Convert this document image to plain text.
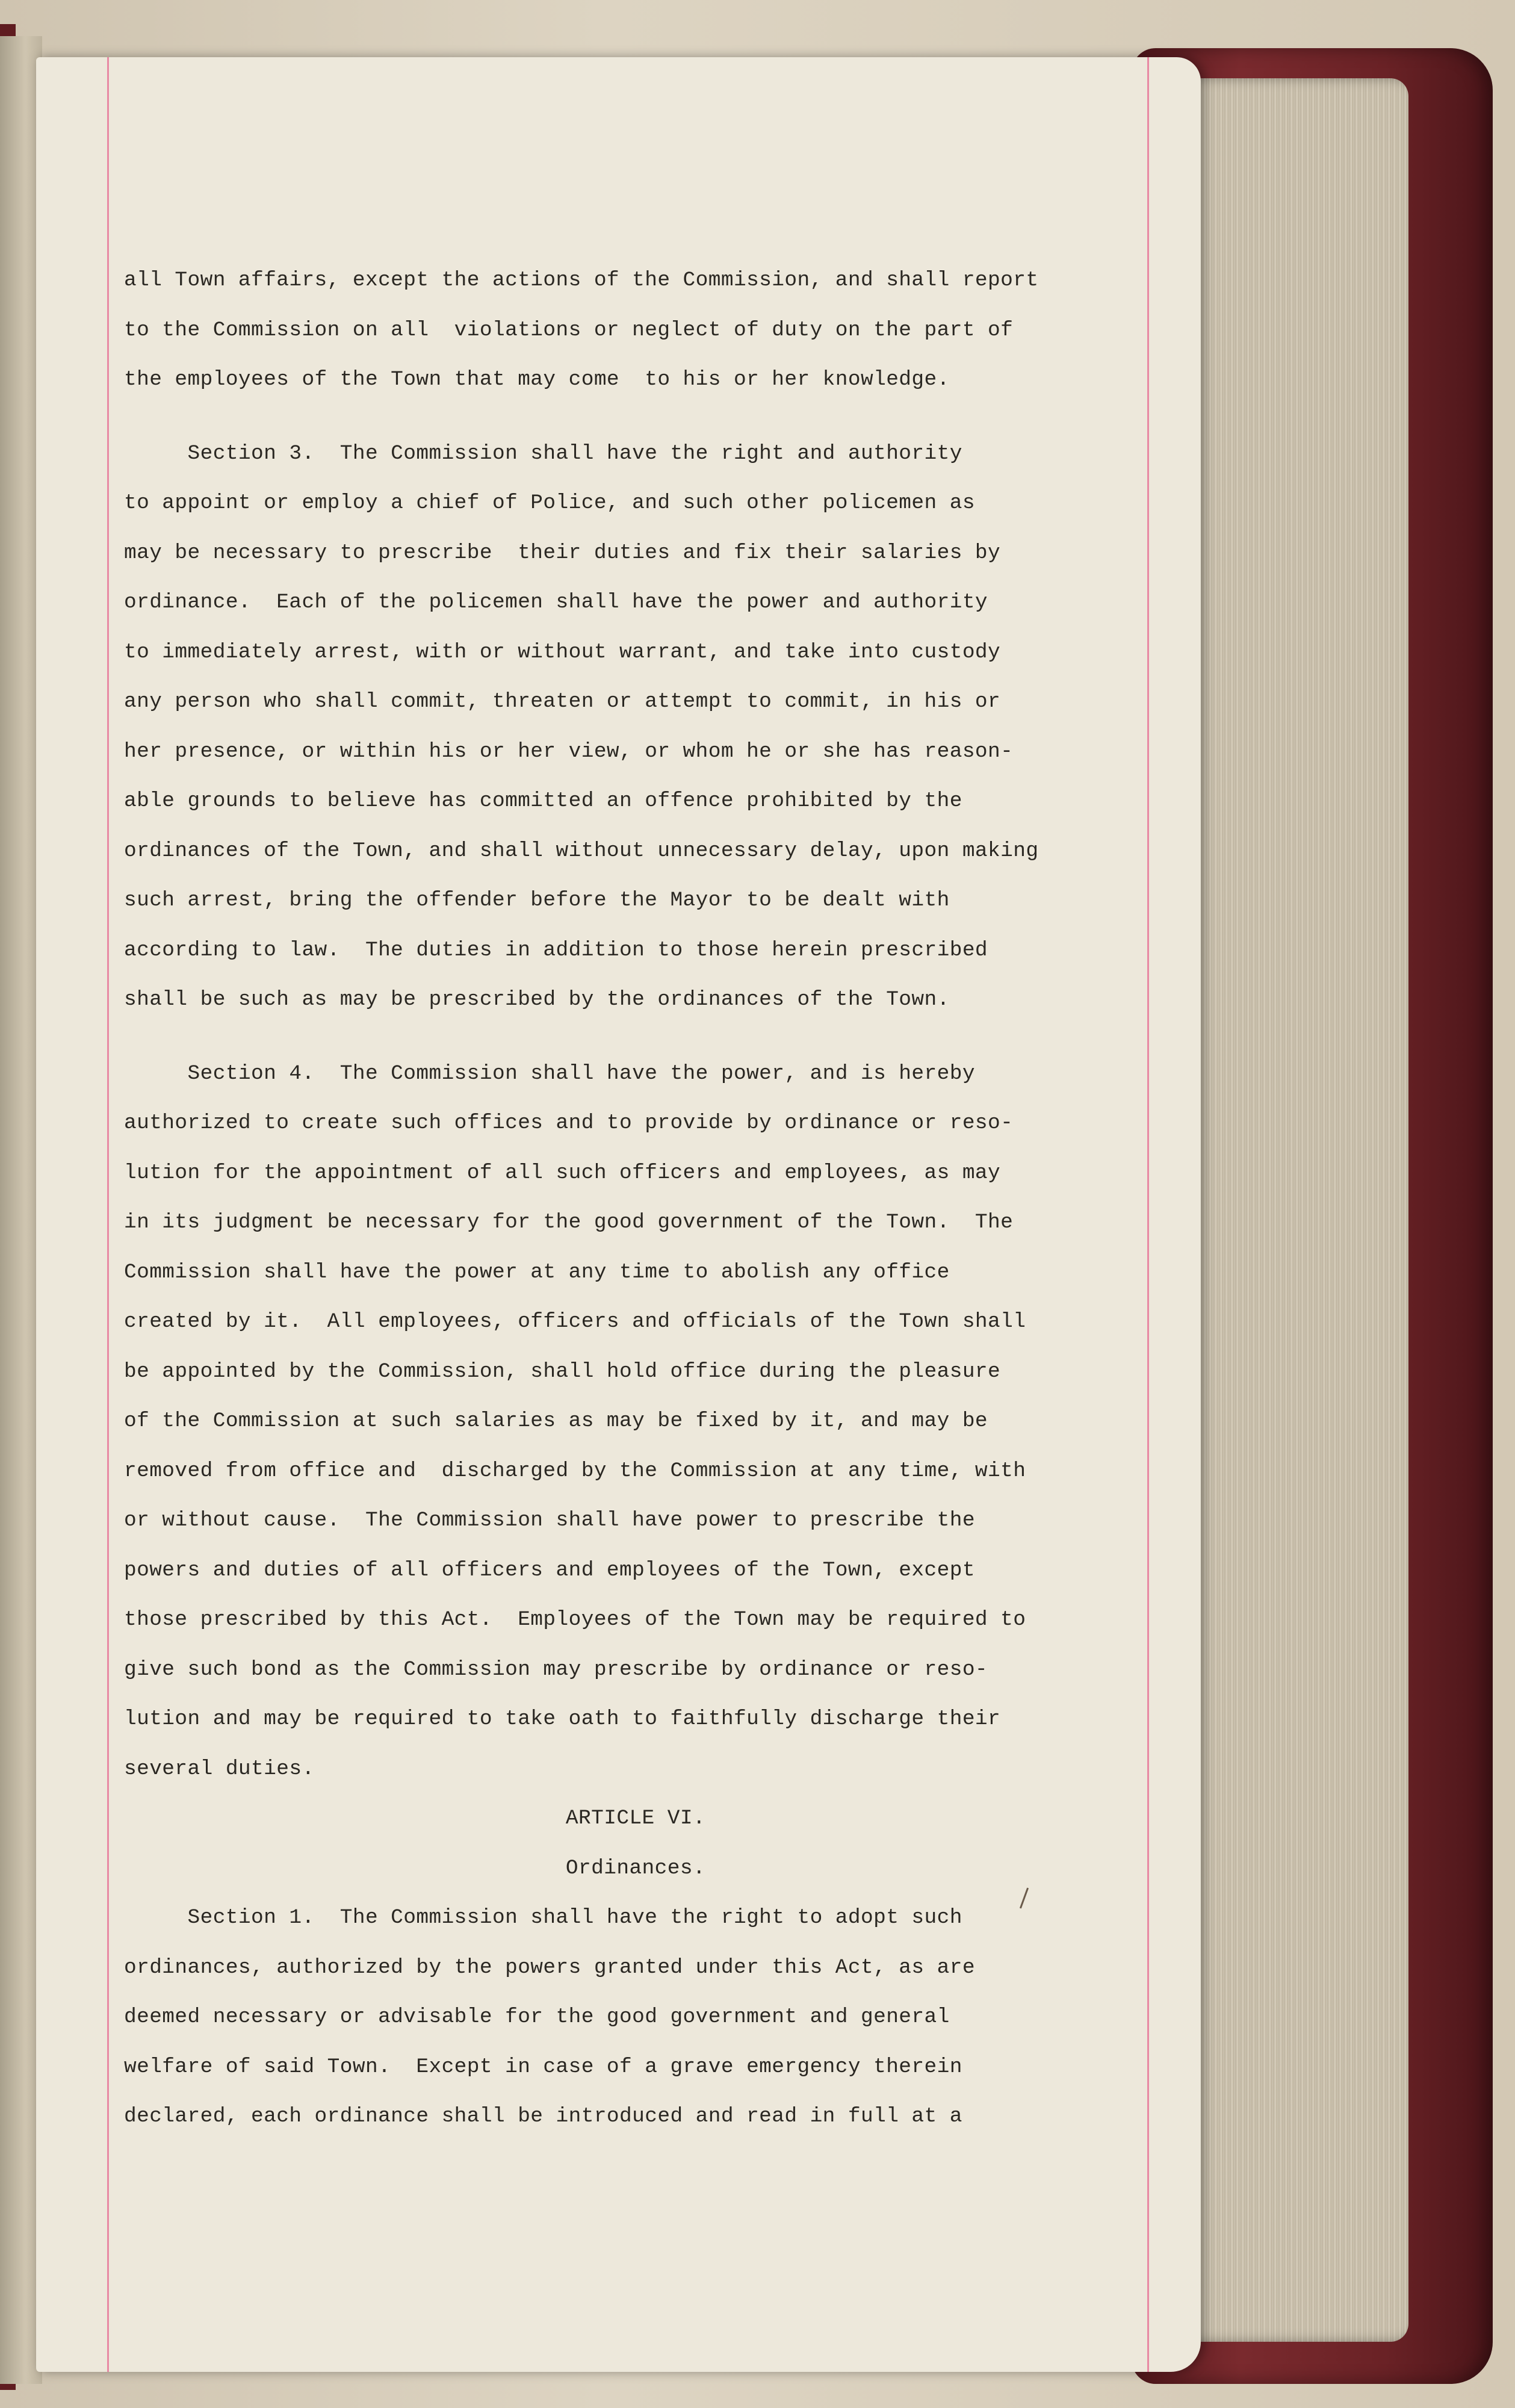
all Town affairs, except the actions of the Commission, and shall report
to the Commission on all  violations or neglect of duty on the part of
the employees of the Town that may come  to his or her knowledge.
Section 3.  The Commission shall have the right and authority
to appoint or employ a chief of Police, and such other policemen as
may be necessary to prescribe  their duties and fix their salaries by
ordinance.  Each of the policemen shall have the power and authority
to immediately arrest, with or without warrant, and take into custody
any person who shall commit, threaten or attempt to commit, in his or
her presence, or within his or her view, or whom he or she has reason-
able grounds to believe has committed an offence prohibited by the
ordinances of the Town, and shall without unnecessary delay, upon making
such arrest, bring the offender before the Mayor to be dealt with
according to law.  The duties in addition to those herein prescribed
shall be such as may be prescribed by the ordinances of the Town.
Section 4.  The Commission shall have the power, and is hereby
authorized to create such offices and to provide by ordinance or reso-
lution for the appointment of all such officers and employees, as may
in its judgment be necessary for the good government of the Town.  The
Commission shall have the power at any time to abolish any office
created by it.  All employees, officers and officials of the Town shall
be appointed by the Commission, shall hold office during the pleasure
of the Commission at such salaries as may be fixed by it, and may be
removed from office and  discharged by the Commission at any time, with
or without cause.  The Commission shall have power to prescribe the
powers and duties of all officers and employees of the Town, except
those prescribed by this Act.  Employees of the Town may be required to
give such bond as the Commission may prescribe by ordinance or reso-
lution and may be required to take oath to faithfully discharge their
several duties.
ARTICLE VI.
Ordinances.
Section 1.  The Commission shall have the right to adopt such
ordinances, authorized by the powers granted under this Act, as are
deemed necessary or advisable for the good government and general
welfare of said Town.  Except in case of a grave emergency therein
declared, each ordinance shall be introduced and read in full at a
